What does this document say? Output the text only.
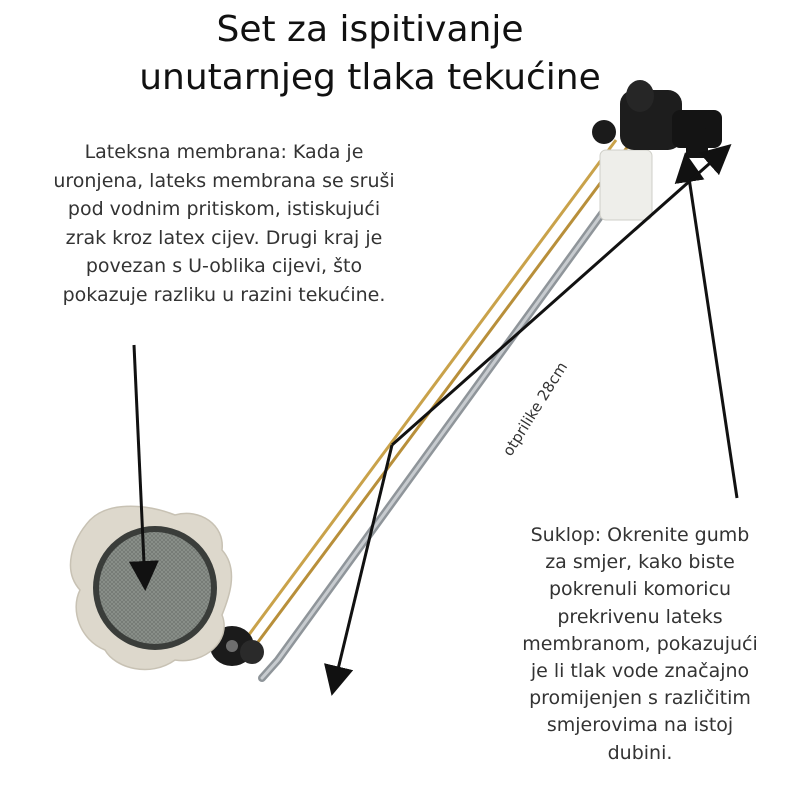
Set za ispitivanje
unutarnjeg tlaka tekućine
Lateksna membrana: Kada je
uronjena, lateks membrana se sruši
pod vodnim pritiskom, istiskujući
zrak kroz latex cijev. Drugi kraj je
povezan s U-oblika cijevi, što
pokazuje razliku u razini tekućine.
Suklop: Okrenite gumb
za smjer, kako biste
pokrenuli komoricu
prekrivenu lateks
membranom, pokazujući
je li tlak vode značajno
promijenjen s različitim
smjerovima na istoj
dubini.
otprilike 28cm
